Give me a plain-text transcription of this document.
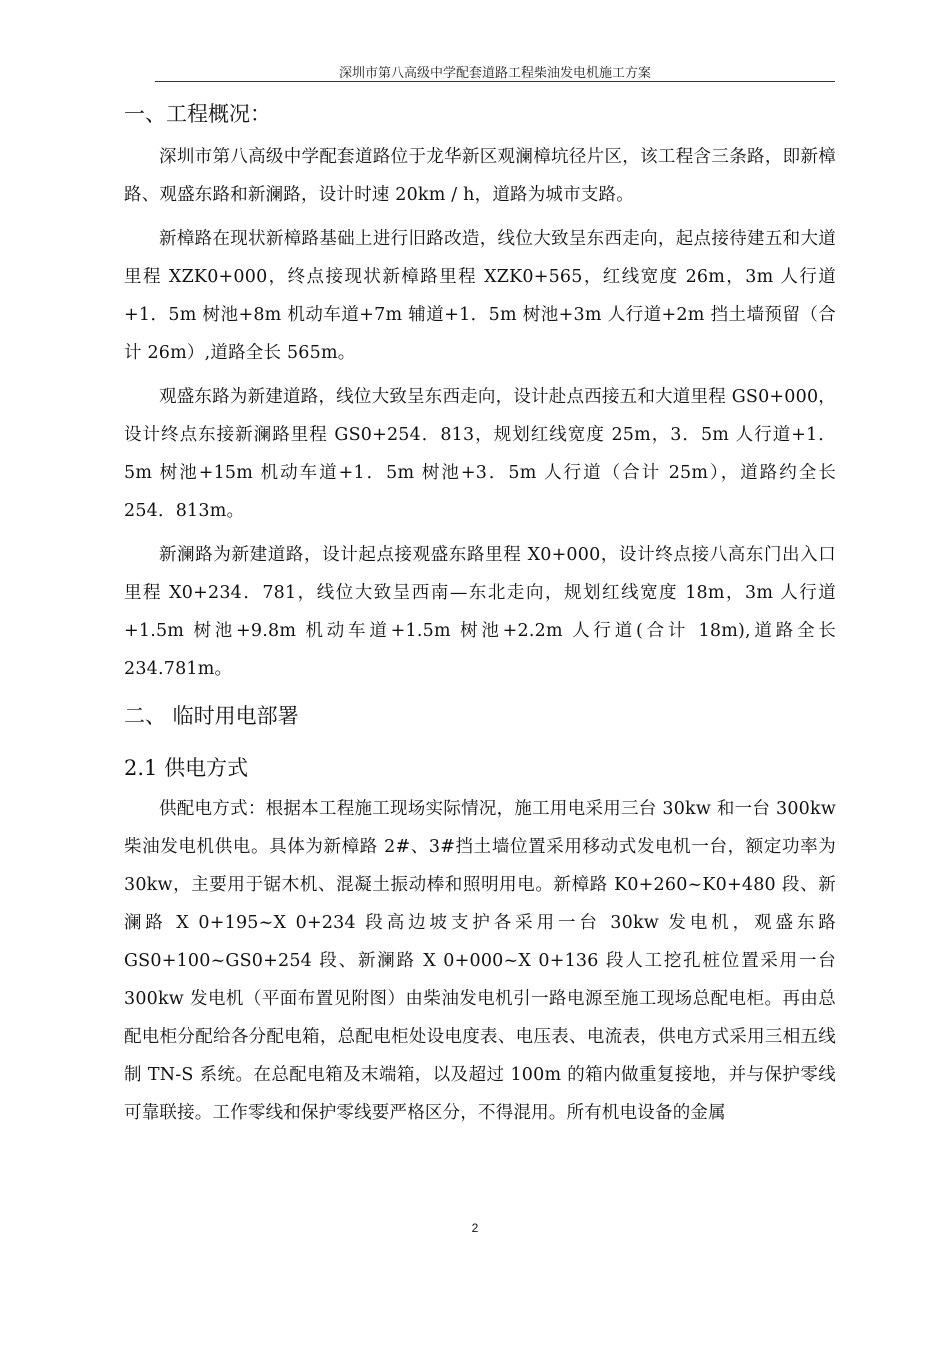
深圳市第八高级中学配套道路工程柴油发电机施工方案
一、工程概况：

深圳市第八高级中学配套道路位于龙华新区观澜樟坑径片区，该工程含三条路，即新樟路、观盛东路和新澜路，设计时速 20km / h，道路为城市支路。

新樟路在现状新樟路基础上进行旧路改造，线位大致呈东西走向，起点接待建五和大道里程 XZK0+000，终点接现状新樟路里程 XZK0+565，红线宽度 26m，3m 人行道+1．5m 树池+8m 机动车道+7m 辅道+1．5m 树池+3m 人行道+2m 挡土墙预留（合计 26m）,道路全长 565m。

观盛东路为新建道路，线位大致呈东西走向，设计赴点西接五和大道里程 GS0+000，设计终点东接新澜路里程 GS0+254．813，规划红线宽度 25m，3．5m 人行道+1．5m 树池+15m 机动车道+1．5m 树池+3．5m 人行道（合计 25m），道路约全长 254．813m。

新澜路为新建道路，设计起点接观盛东路里程 X0+000，设计终点接八高东门出入口里程 X0+234．781，线位大致呈西南—东北走向，规划红线宽度 18m，3m 人行道+1.5m 树池+9.8m 机动车道+1.5m 树池+2.2m 人行道(合计 18m),道路全长 234.781m。

二、 临时用电部署
2.1 供电方式

供配电方式：根据本工程施工现场实际情况，施工用电采用三台 30kw 和一台 300kw 柴油发电机供电。具体为新樟路 2#、3#挡土墙位置采用移动式发电机一台，额定功率为 30kw，主要用于锯木机、混凝土振动棒和照明用电。新樟路 K0+260~K0+480 段、新澜路 X 0+195~X 0+234 段高边坡支护各采用一台 30kw 发电机，观盛东路 GS0+100~GS0+254 段、新澜路 X 0+000~X 0+136 段人工挖孔桩位置采用一台 300kw 发电机（平面布置见附图）由柴油发电机引一路电源至施工现场总配电柜。再由总配电柜分配给各分配电箱，总配电柜处设电度表、电压表、电流表，供电方式采用三相五线制 TN-S 系统。在总配电箱及末端箱，以及超过 100m 的箱内做重复接地，并与保护零线可靠联接。工作零线和保护零线要严格区分，不得混用。所有机电设备的金属

2
